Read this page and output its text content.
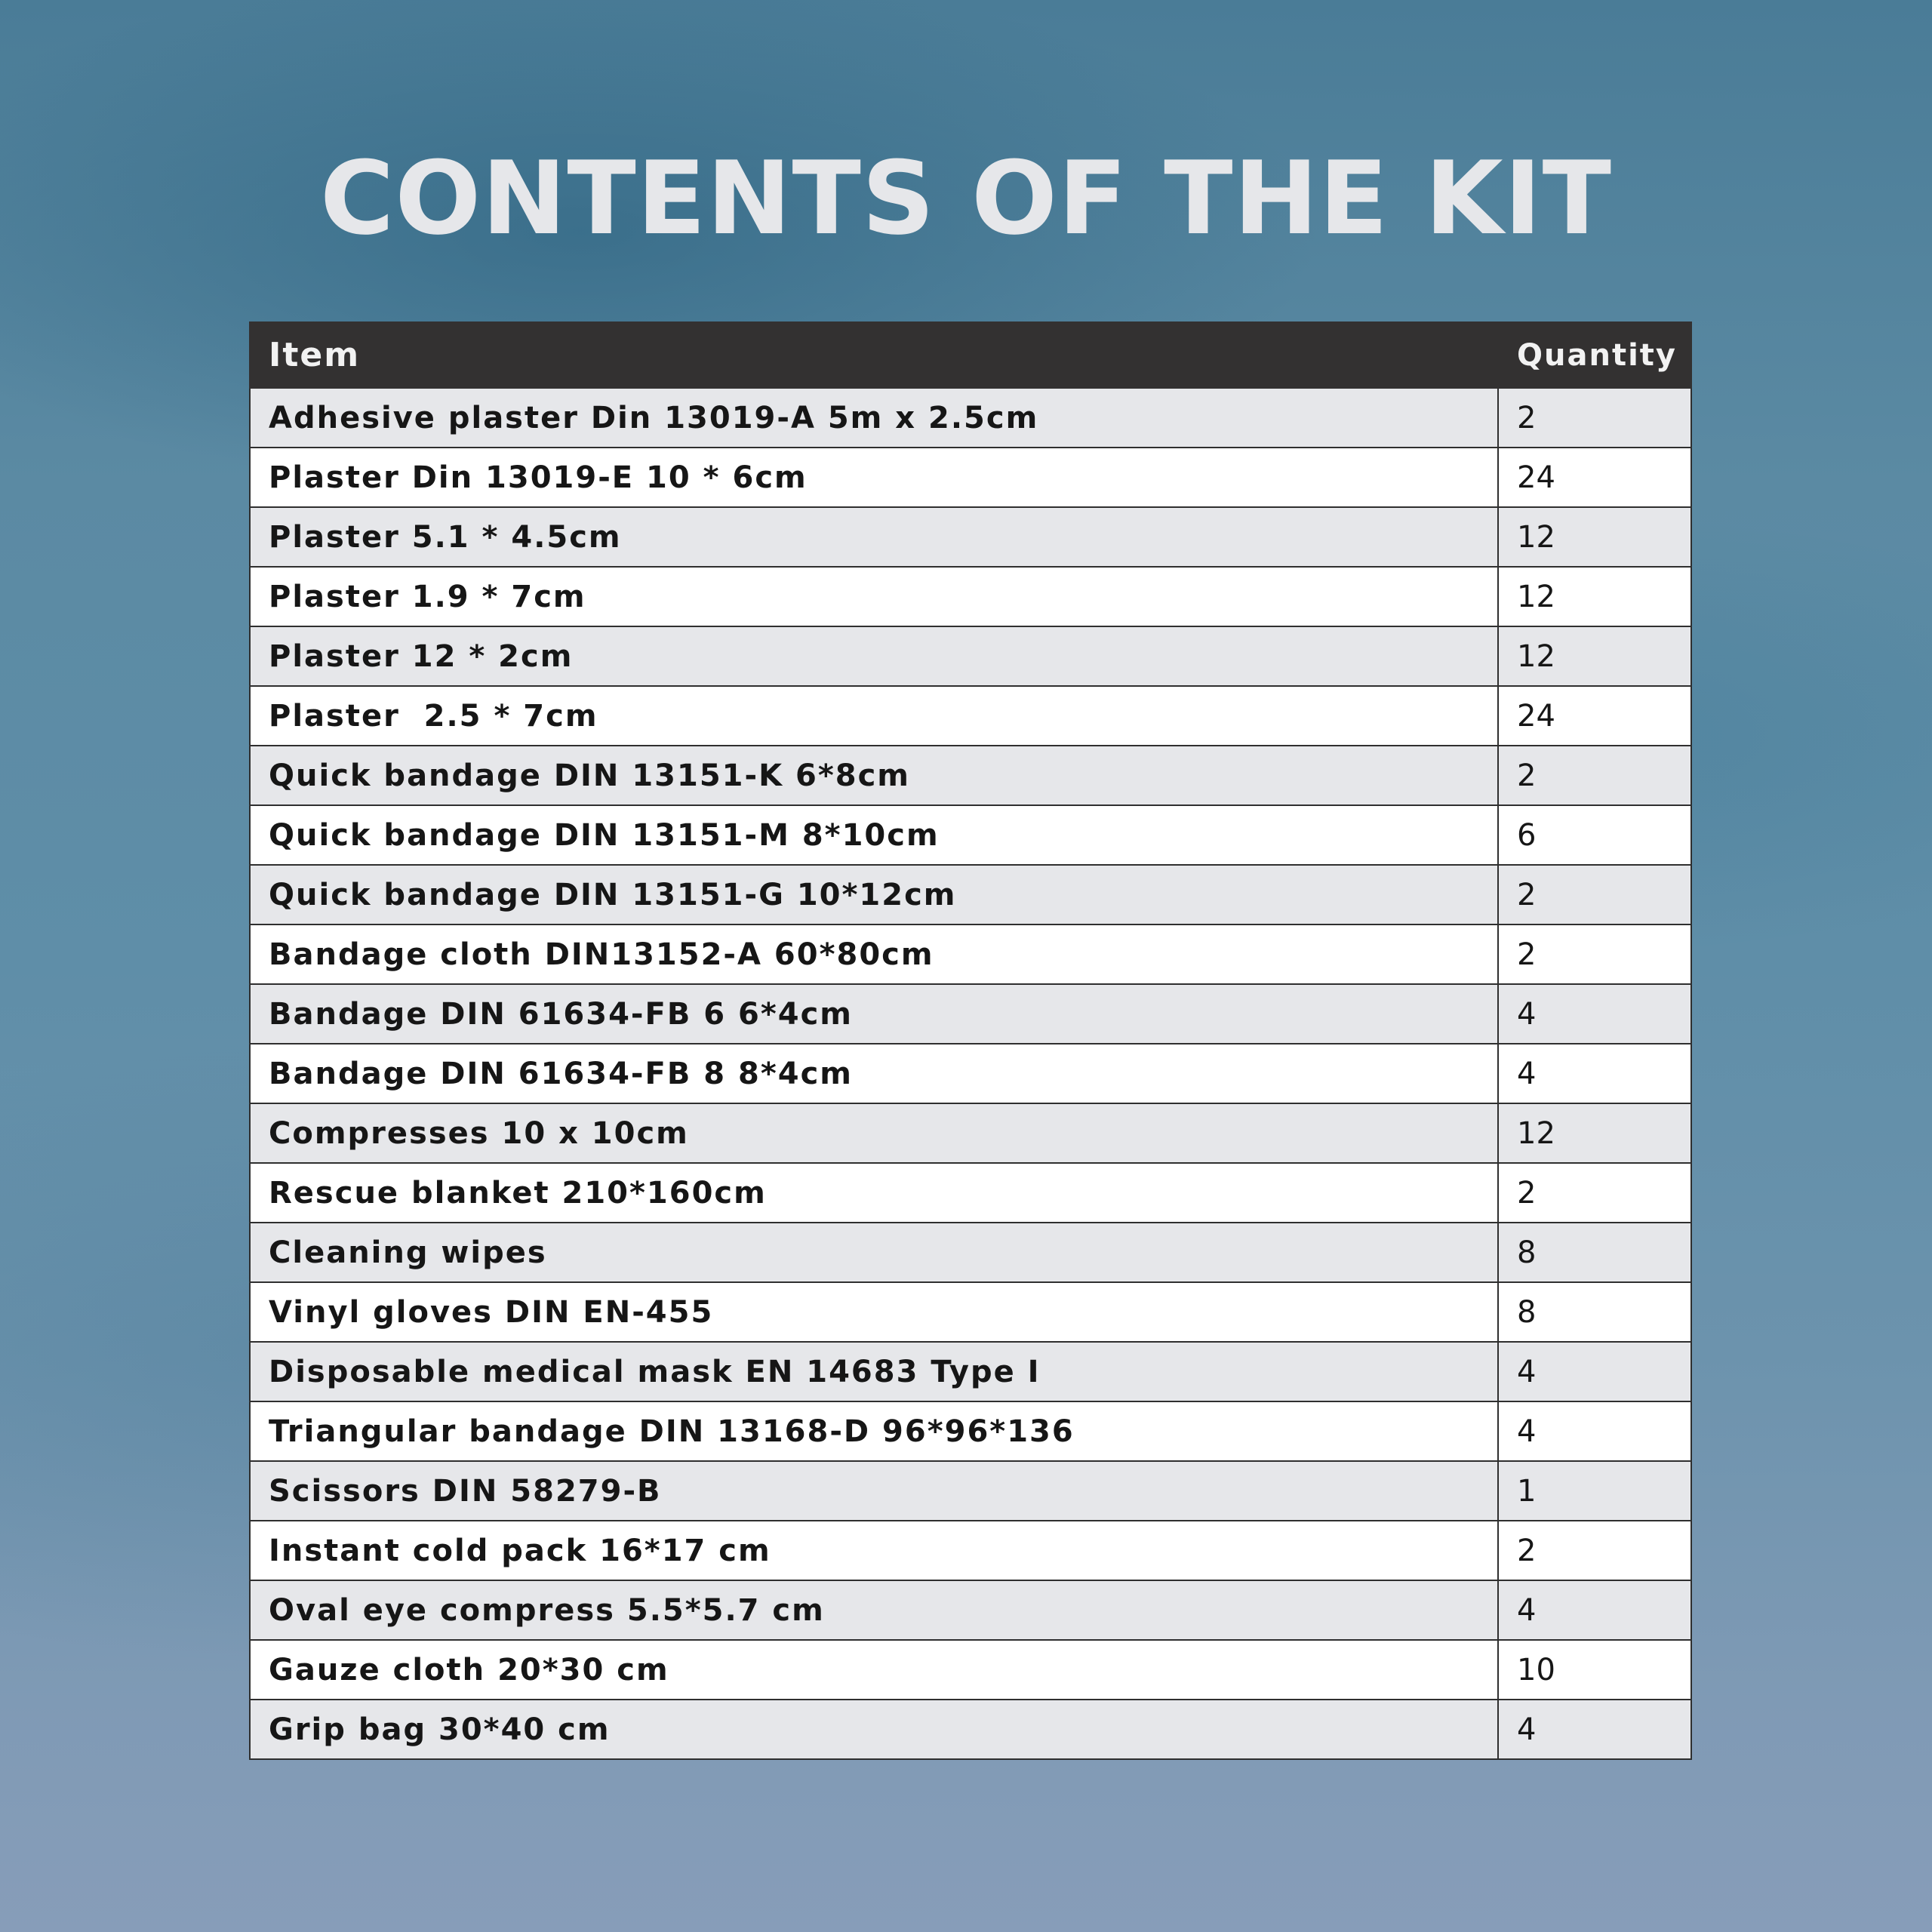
CONTENTS OF THE KIT
Item	Quantity
Adhesive plaster Din 13019-A 5m x 2.5cm	2
Plaster Din 13019-E 10 * 6cm	24
Plaster 5.1 * 4.5cm	12
Plaster 1.9 * 7cm	12
Plaster 12 * 2cm	12
Plaster  2.5 * 7cm	24
Quick bandage DIN 13151-K 6*8cm	2
Quick bandage DIN 13151-M 8*10cm	6
Quick bandage DIN 13151-G 10*12cm	2
Bandage cloth DIN13152-A 60*80cm	2
Bandage DIN 61634-FB 6 6*4cm	4
Bandage DIN 61634-FB 8 8*4cm	4
Compresses 10 x 10cm	12
Rescue blanket 210*160cm	2
Cleaning wipes	8
Vinyl gloves DIN EN-455	8
Disposable medical mask EN 14683 Type I	4
Triangular bandage DIN 13168-D 96*96*136	4
Scissors DIN 58279-B	1
Instant cold pack 16*17 cm	2
Oval eye compress 5.5*5.7 cm	4
Gauze cloth 20*30 cm	10
Grip bag 30*40 cm	4
